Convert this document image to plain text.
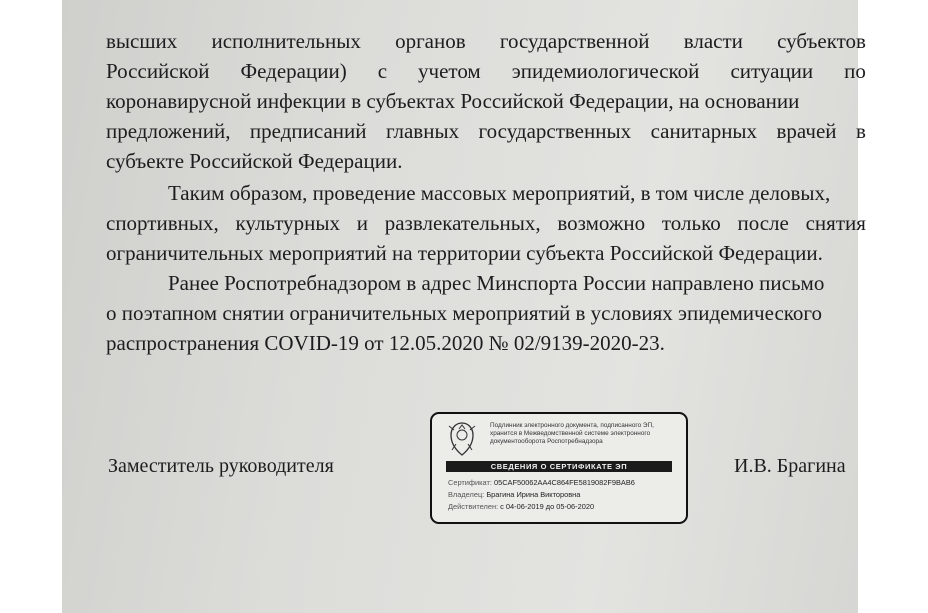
высших исполнительных органов государственной власти субъектов
Российской Федерации) с учетом эпидемиологической ситуации по
коронавирусной инфекции в субъектах Российской Федерации, на основании
предложений, предписаний главных государственных санитарных врачей в
субъекте Российской Федерации.
Таким образом, проведение массовых мероприятий, в том числе деловых,
спортивных, культурных и развлекательных, возможно только после снятия
ограничительных мероприятий на территории субъекта Российской Федерации.
Ранее Роспотребнадзором в адрес Минспорта России направлено письмо
о поэтапном снятии ограничительных мероприятий в условиях эпидемического
распространения COVID-19 от 12.05.2020 № 02/9139-2020-23.
Заместитель руководителя	И.В. Брагина
Подлинник электронного документа, подписанного ЭП,
хранится в Межведомственной системе электронного
документооборота Роспотребнадзора
СВЕДЕНИЯ О СЕРТИФИКАТЕ ЭП
Сертификат: 05CAF50062AA4C864FE5819082F9BAB6
Владелец: Брагина Ирина Викторовна
Действителен: с 04-06-2019 до 05-06-2020
